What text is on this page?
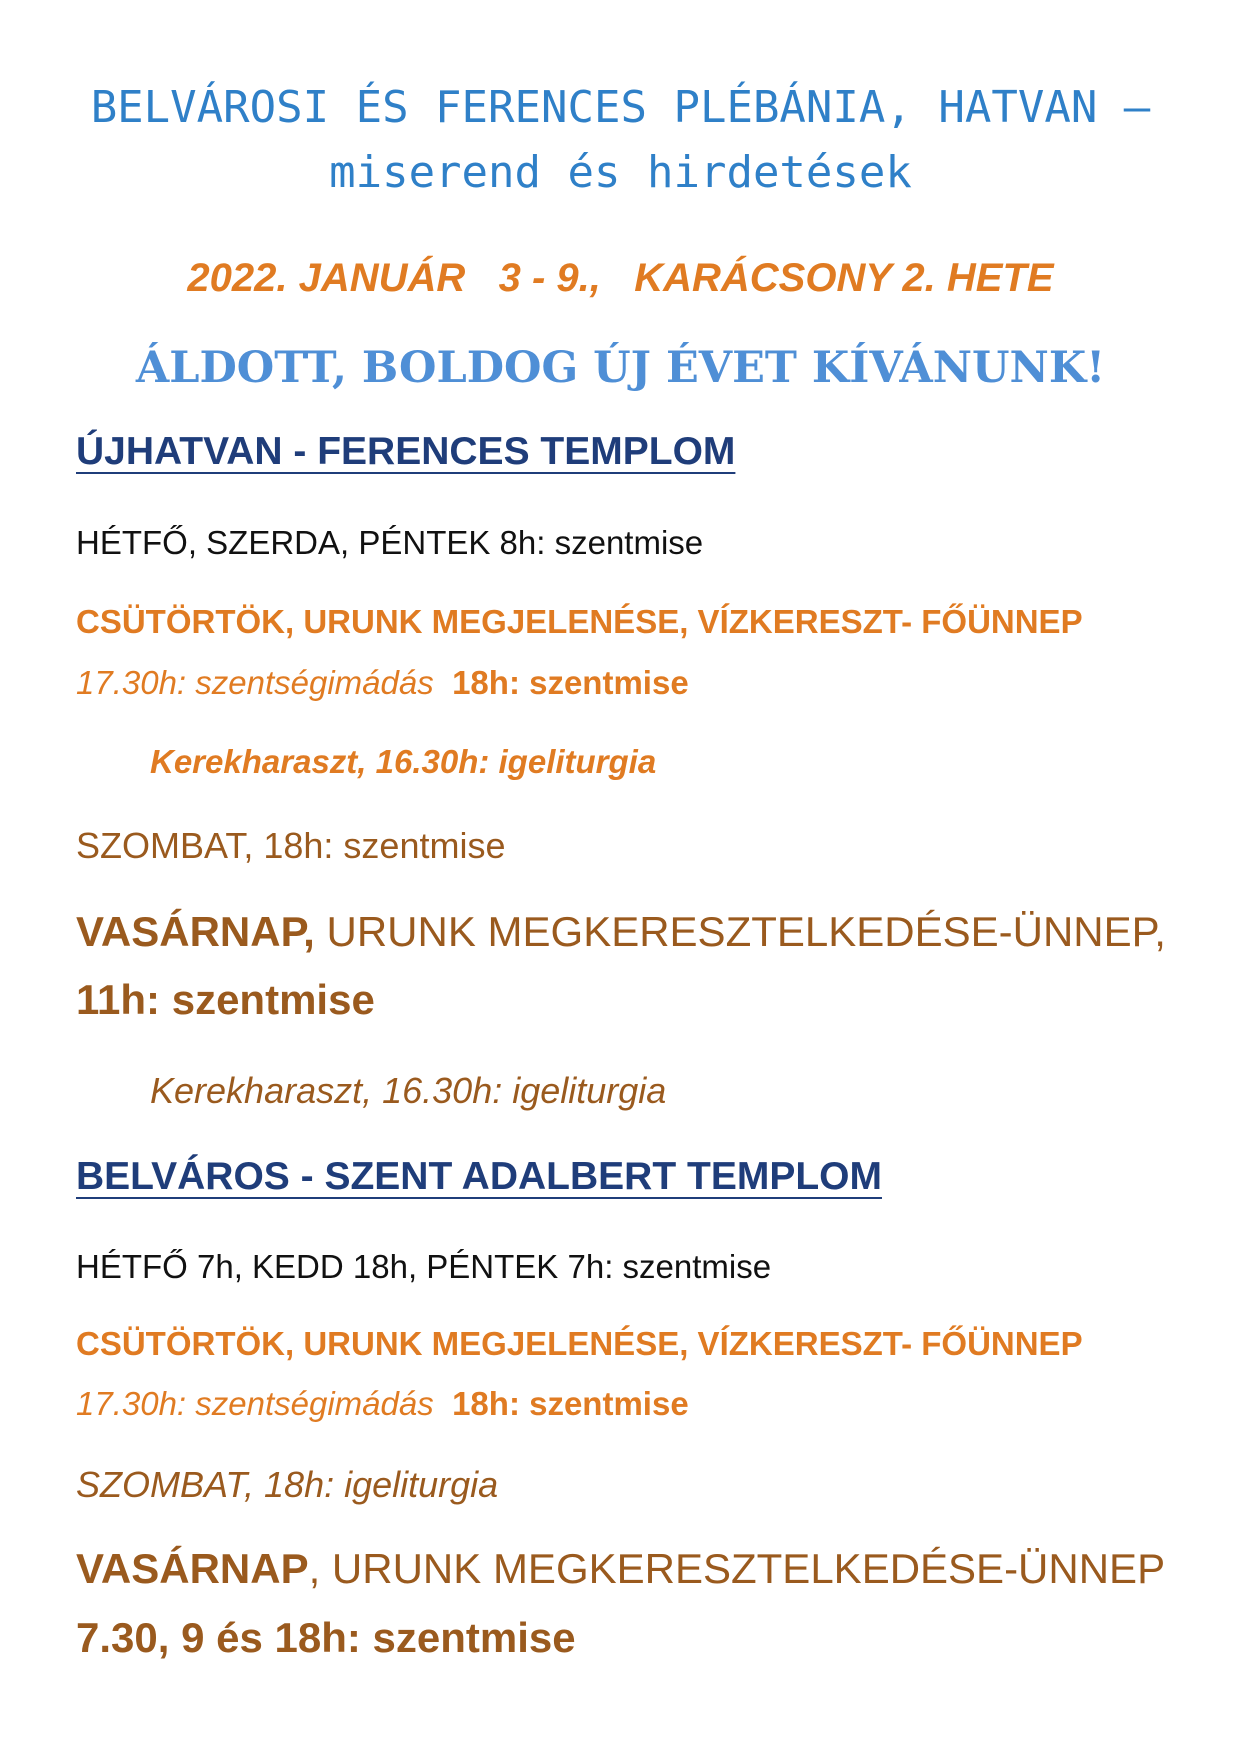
BELVÁROSI ÉS FERENCES PLÉBÁNIA, HATVAN –
miserend és hirdetések
2022. JANUÁR   3 - 9.,   KARÁCSONY 2. HETE
ÁLDOTT, BOLDOG ÚJ ÉVET KÍVÁNUNK!
ÚJHATVAN - FERENCES TEMPLOM
HÉTFŐ, SZERDA, PÉNTEK 8h: szentmise
CSÜTÖRTÖK, URUNK MEGJELENÉSE, VÍZKERESZT- FŐÜNNEP
17.30h: szentségimádás 18h: szentmise
Kerekharaszt, 16.30h: igeliturgia
SZOMBAT, 18h: szentmise
VASÁRNAP, URUNK MEGKERESZTELKEDÉSE-ÜNNEP,
11h: szentmise
Kerekharaszt, 16.30h: igeliturgia
BELVÁROS - SZENT ADALBERT TEMPLOM
HÉTFŐ 7h, KEDD 18h, PÉNTEK 7h: szentmise
CSÜTÖRTÖK, URUNK MEGJELENÉSE, VÍZKERESZT- FŐÜNNEP
17.30h: szentségimádás 18h: szentmise
SZOMBAT, 18h: igeliturgia
VASÁRNAP, URUNK MEGKERESZTELKEDÉSE-ÜNNEP
7.30, 9 és 18h: szentmise
